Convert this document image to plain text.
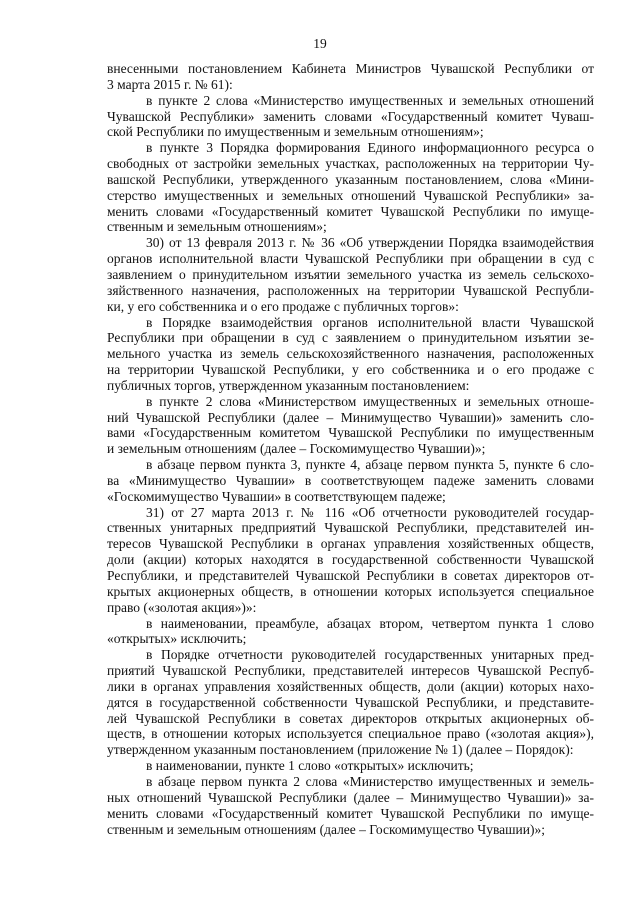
19
внесенными постановлением Кабинета Министров Чувашской Республики от
3 марта 2015 г. № 61):
в пункте 2 слова «Министерство имущественных и земельных отношений
Чувашской Республики» заменить словами «Государственный комитет Чуваш-
ской Республики по имущественным и земельным отношениям»;
в пункте 3 Порядка формирования Единого информационного ресурса о
свободных от застройки земельных участках, расположенных на территории Чу-
вашской Республики, утвержденного указанным постановлением, слова «Мини-
стерство имущественных и земельных отношений Чувашской Республики» за-
менить словами «Государственный комитет Чувашской Республики по имуще-
ственным и земельным отношениям»;
30) от 13 февраля 2013 г. № 36 «Об утверждении Порядка взаимодействия
органов исполнительной власти Чувашской Республики при обращении в суд с
заявлением о принудительном изъятии земельного участка из земель сельскохо-
зяйственного назначения, расположенных на территории Чувашской Республи-
ки, у его собственника и о его продаже с публичных торгов»:
в Порядке взаимодействия органов исполнительной власти Чувашской
Республики при обращении в суд с заявлением о принудительном изъятии зе-
мельного участка из земель сельскохозяйственного назначения, расположенных
на территории Чувашской Республики, у его собственника и о его продаже с
публичных торгов, утвержденном указанным постановлением:
в пункте 2 слова «Министерством имущественных и земельных отноше-
ний Чувашской Республики (далее – Минимущество Чувашии)» заменить сло-
вами «Государственным комитетом Чувашской Республики по имущественным
и земельным отношениям (далее – Госкомимущество Чувашии)»;
в абзаце первом пункта 3, пункте 4, абзаце первом пункта 5, пункте 6 сло-
ва «Минимущество Чувашии» в соответствующем падеже заменить словами
«Госкомимущество Чувашии» в соответствующем падеже;
31) от 27 марта 2013 г. № 116 «Об отчетности руководителей государ-
ственных унитарных предприятий Чувашской Республики, представителей ин-
тересов Чувашской Республики в органах управления хозяйственных обществ,
доли (акции) которых находятся в государственной собственности Чувашской
Республики, и представителей Чувашской Республики в советах директоров от-
крытых акционерных обществ, в отношении которых используется специальное
право («золотая акция»)»:
в наименовании, преамбуле, абзацах втором, четвертом пункта 1 слово
«открытых» исключить;
в Порядке отчетности руководителей государственных унитарных пред-
приятий Чувашской Республики, представителей интересов Чувашской Респуб-
лики в органах управления хозяйственных обществ, доли (акции) которых нахо-
дятся в государственной собственности Чувашской Республики, и представите-
лей Чувашской Республики в советах директоров открытых акционерных об-
ществ, в отношении которых используется специальное право («золотая акция»),
утвержденном указанным постановлением (приложение № 1) (далее – Порядок):
в наименовании, пункте 1 слово «открытых» исключить;
в абзаце первом пункта 2 слова «Министерство имущественных и земель-
ных отношений Чувашской Республики (далее – Минимущество Чувашии)» за-
менить словами «Государственный комитет Чувашской Республики по имуще-
ственным и земельным отношениям (далее – Госкомимущество Чувашии)»;
